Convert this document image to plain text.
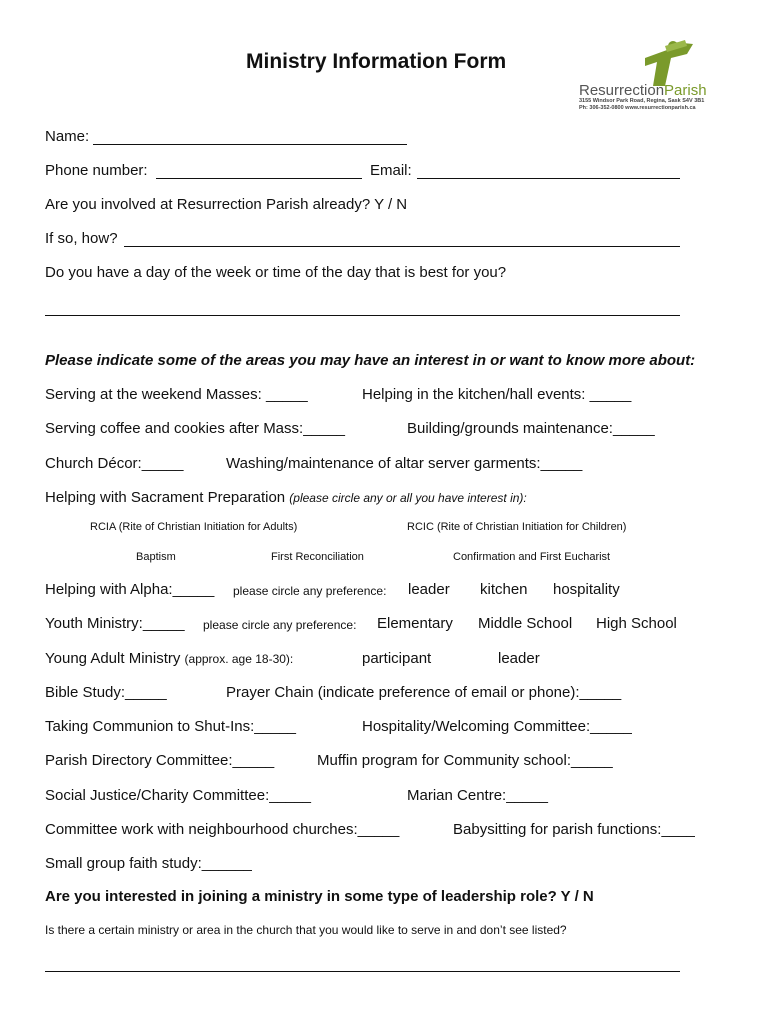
Ministry Information Form
ResurrectionParish
3155 Windsor Park Road, Regina, Sask S4V 3B1
Ph: 306-352-0800 www.resurrectionparish.ca
Name:
Phone number:	Email:
Are you involved at Resurrection Parish already? Y / N
If so, how?
Do you have a day of the week or time of the day that is best for you?
Please indicate some of the areas you may have an interest in or want to know more about:
Serving at the weekend Masses: _____	Helping in the kitchen/hall events: _____
Serving coffee and cookies after Mass:_____	Building/grounds maintenance:_____
Church Décor:_____	Washing/maintenance of altar server garments:_____
Helping with Sacrament Preparation (please circle any or all you have interest in):
RCIA (Rite of Christian Initiation for Adults)	RCIC (Rite of Christian Initiation for Children)
Baptism	First Reconciliation	Confirmation and First Eucharist
Helping with Alpha:_____ please circle any preference: leader kitchen hospitality
Youth Ministry:_____ please circle any preference: Elementary Middle School High School
Young Adult Ministry (approx. age 18-30):	participant	leader
Bible Study:_____	Prayer Chain (indicate preference of email or phone):_____
Taking Communion to Shut-Ins:_____	Hospitality/Welcoming Committee:_____
Parish Directory Committee:_____	Muffin program for Community school:_____
Social Justice/Charity Committee:_____	Marian Centre:_____
Committee work with neighbourhood churches:_____	Babysitting for parish functions:____
Small group faith study:______
Are you interested in joining a ministry in some type of leadership role? Y / N
Is there a certain ministry or area in the church that you would like to serve in and don’t see listed?
